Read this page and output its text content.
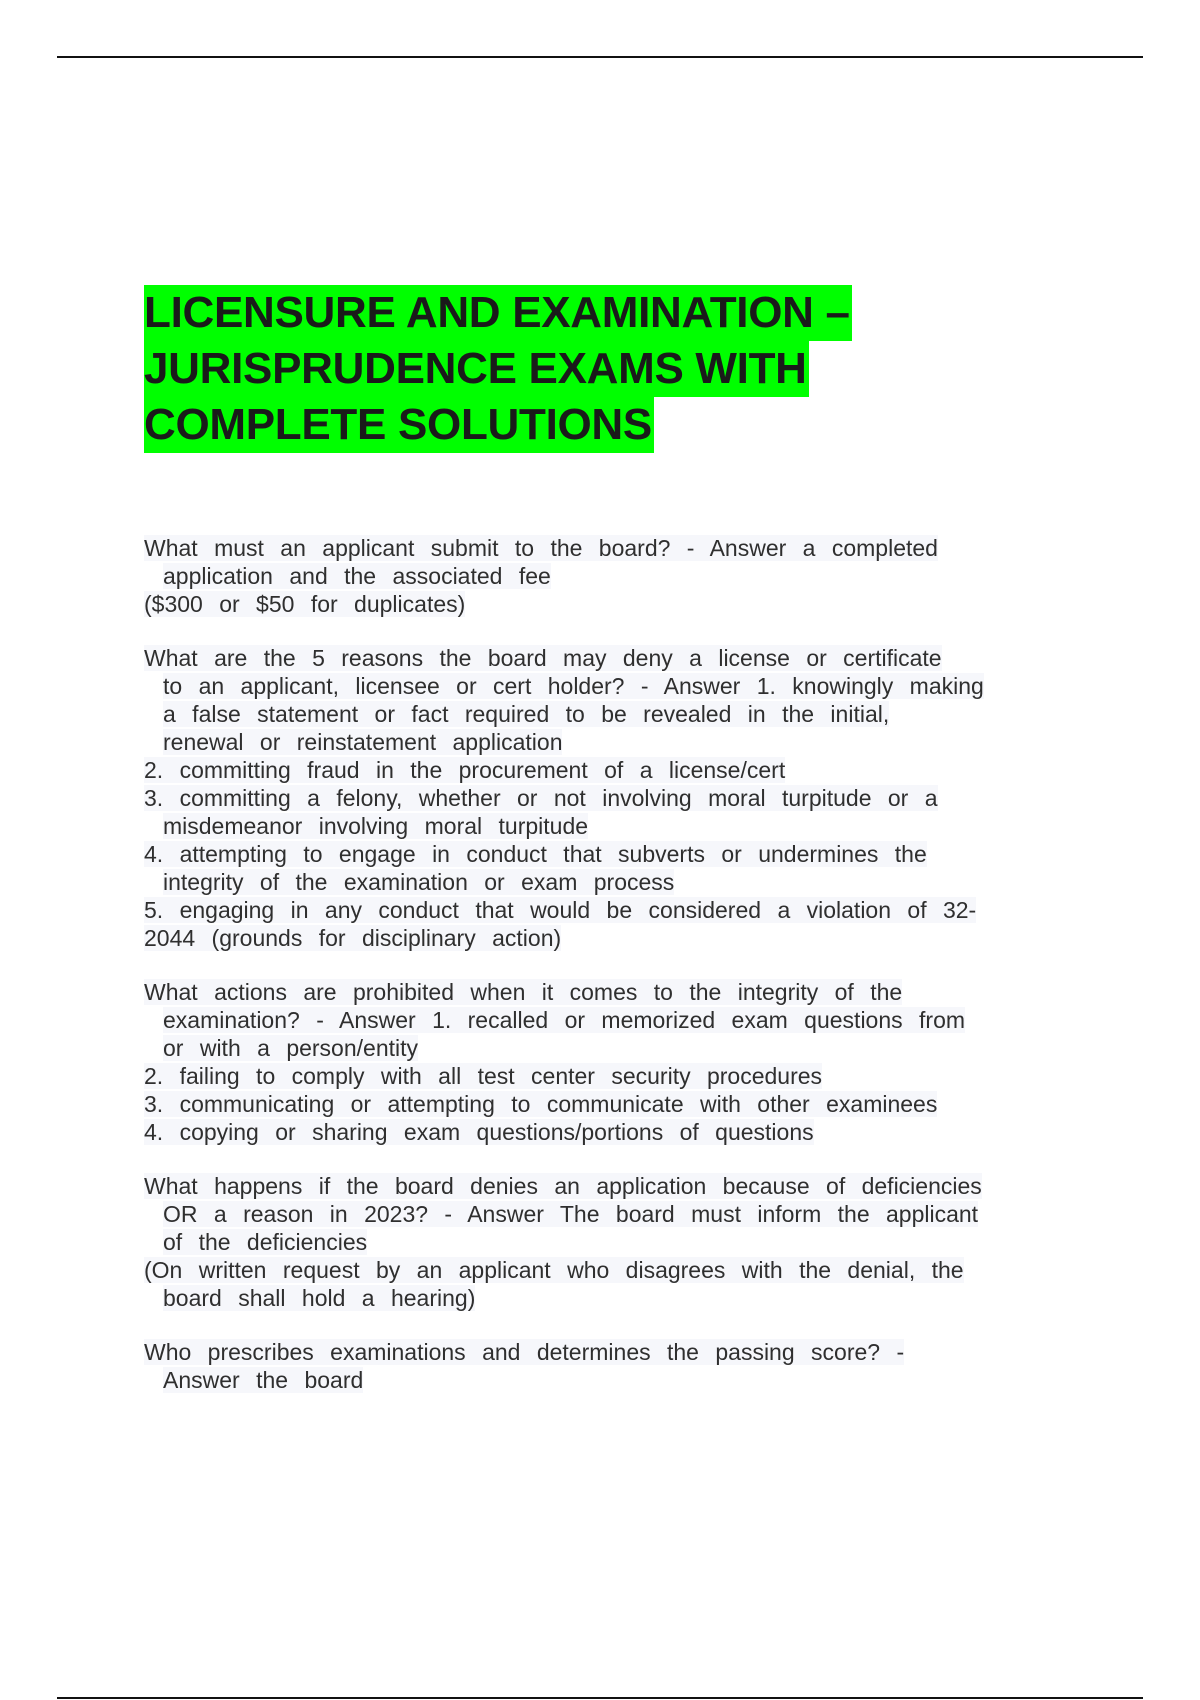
LICENSURE AND EXAMINATION –
JURISPRUDENCE EXAMS WITH
COMPLETE SOLUTIONS
What must an applicant submit to the board? - Answer a completed
application and the associated fee
($300 or $50 for duplicates)
What are the 5 reasons the board may deny a license or certificate
to an applicant, licensee or cert holder? - Answer 1. knowingly making
a false statement or fact required to be revealed in the initial,
renewal or reinstatement application
2. committing fraud in the procurement of a license/cert
3. committing a felony, whether or not involving moral turpitude or a
misdemeanor involving moral turpitude
4. attempting to engage in conduct that subverts or undermines the
integrity of the examination or exam process
5. engaging in any conduct that would be considered a violation of 32-
2044 (grounds for disciplinary action)
What actions are prohibited when it comes to the integrity of the
examination? - Answer 1. recalled or memorized exam questions from
or with a person/entity
2. failing to comply with all test center security procedures
3. communicating or attempting to communicate with other examinees
4. copying or sharing exam questions/portions of questions
What happens if the board denies an application because of deficiencies
OR a reason in 2023? - Answer The board must inform the applicant
of the deficiencies
(On written request by an applicant who disagrees with the denial, the
board shall hold a hearing)
Who prescribes examinations and determines the passing score? -
Answer the board
